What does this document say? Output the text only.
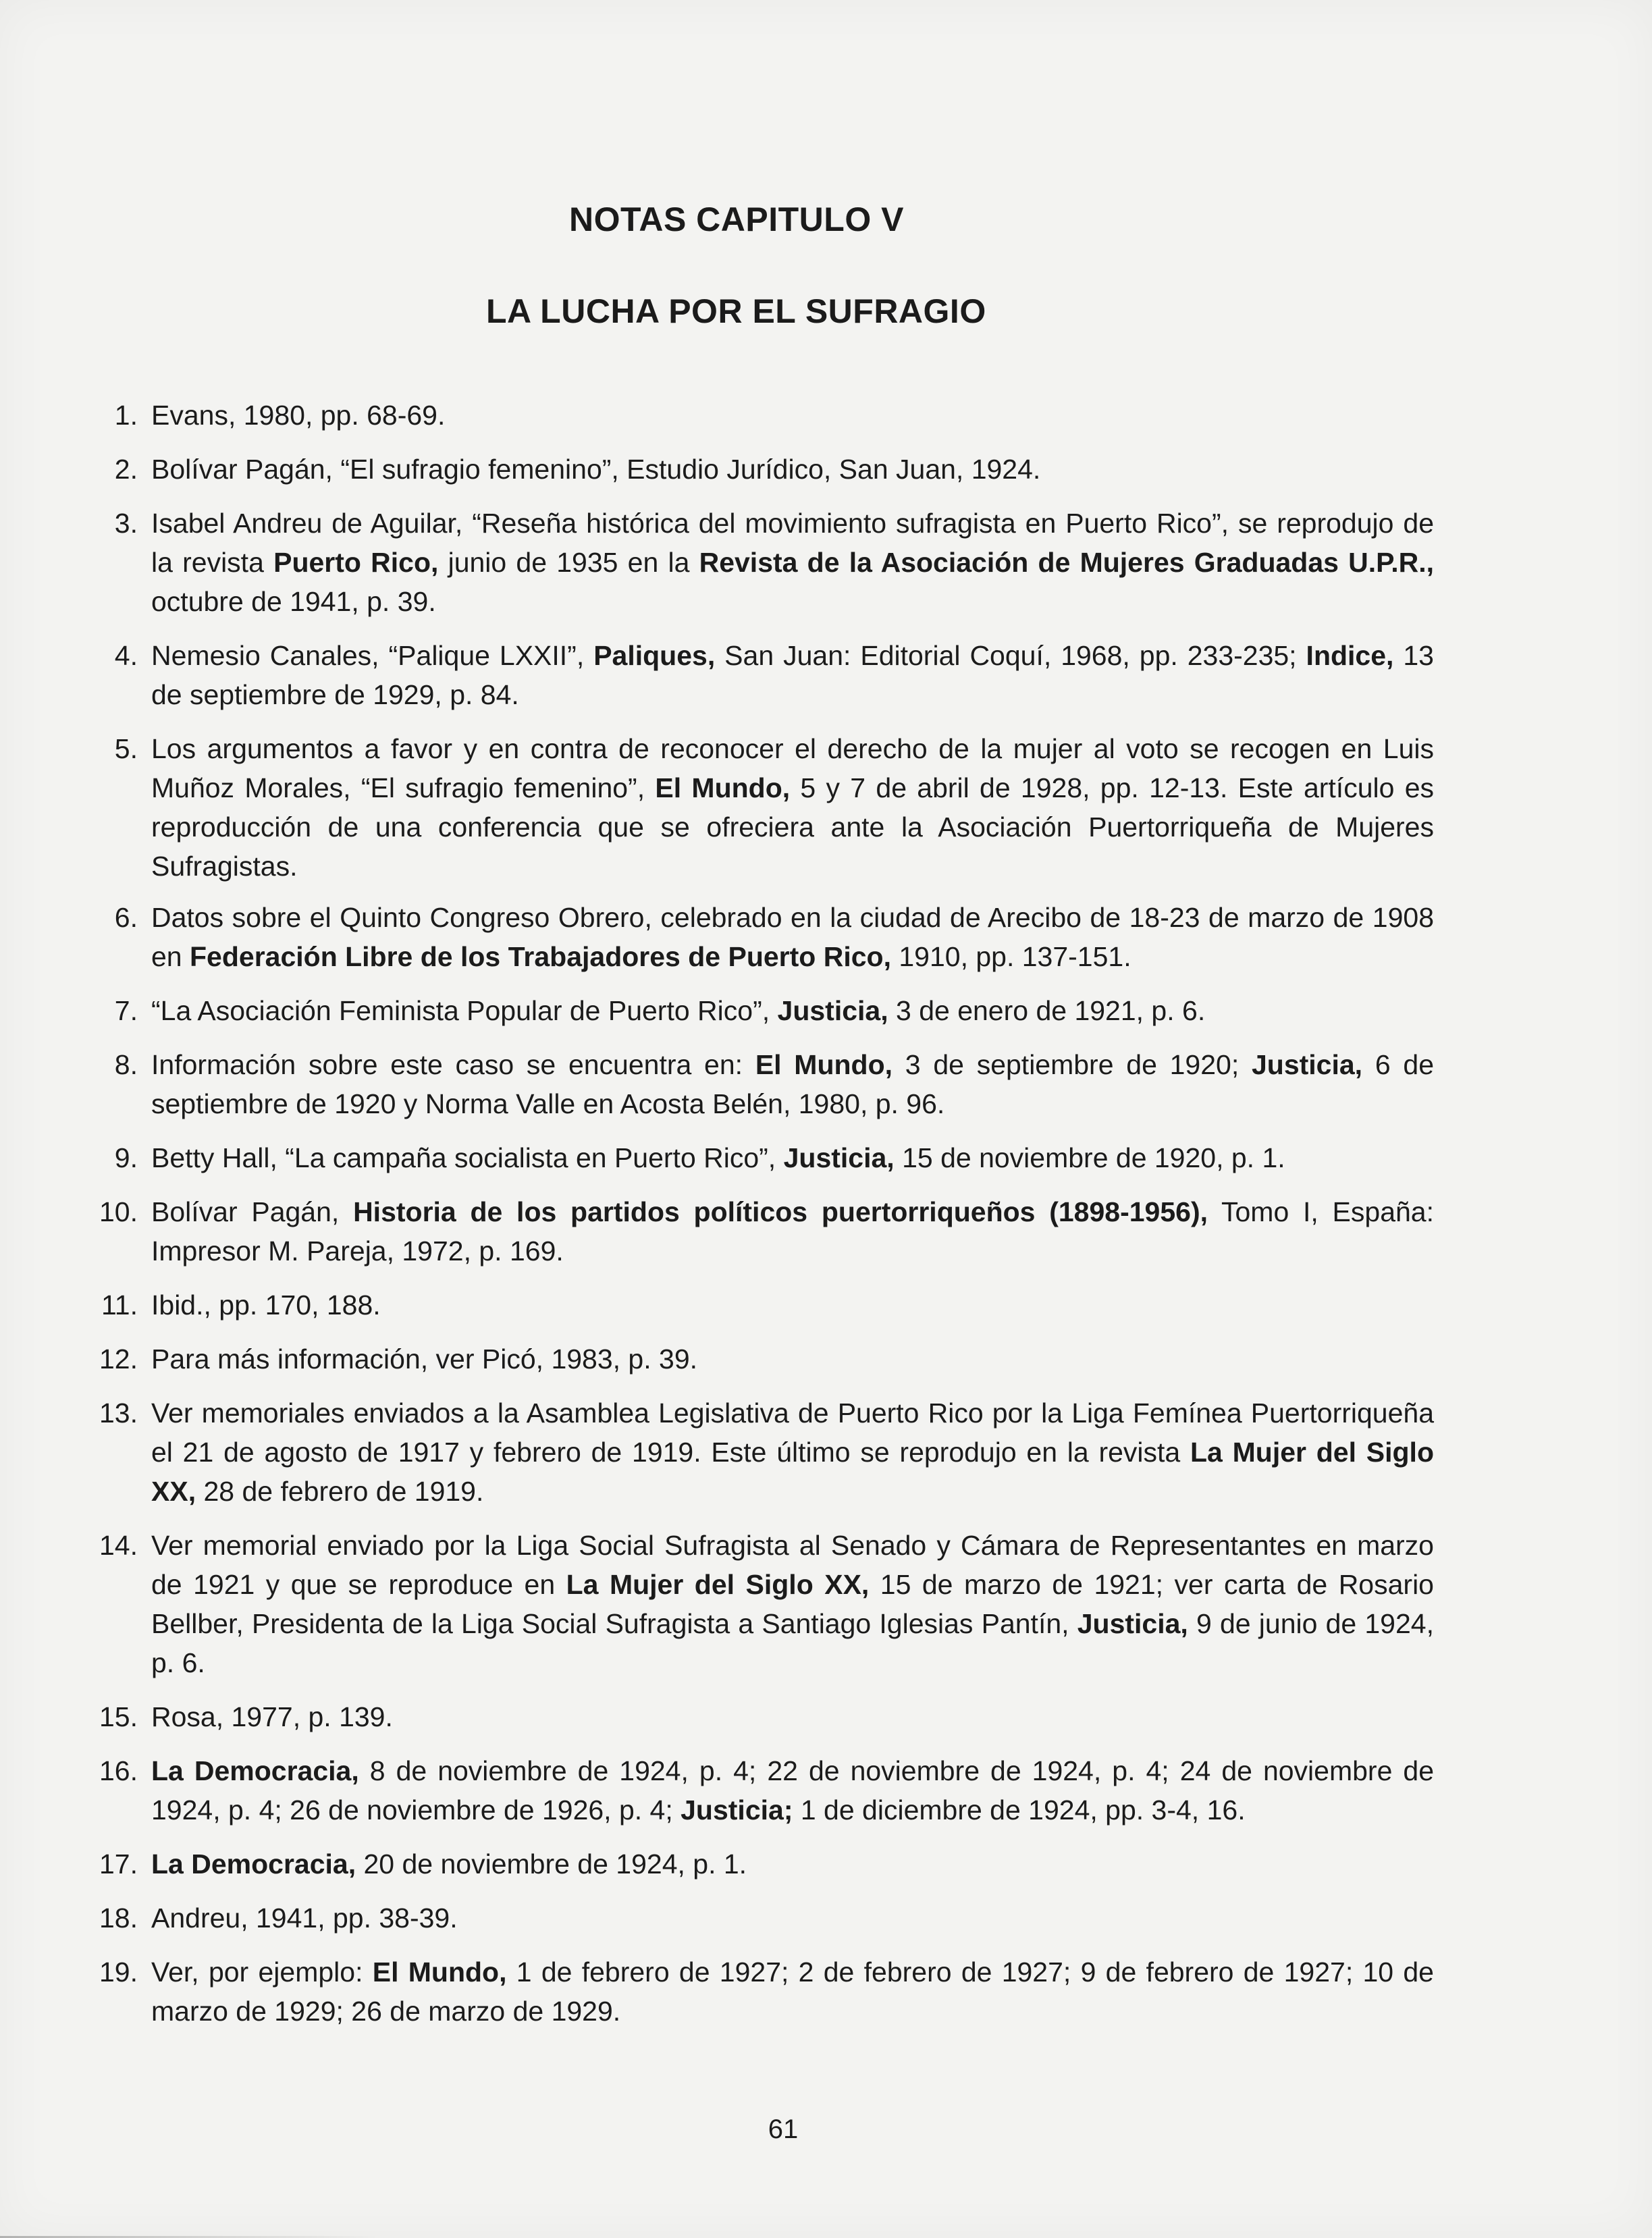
NOTAS CAPITULO V
LA LUCHA POR EL SUFRAGIO
1. Evans, 1980, pp. 68-69.
2. Bolívar Pagán, “El sufragio femenino”, Estudio Jurídico, San Juan, 1924.
3. Isabel Andreu de Aguilar, “Reseña histórica del movimiento sufragista en Puerto Rico”, se reprodujo de la revista Puerto Rico, junio de 1935 en la Revista de la Asociación de Mujeres Graduadas U.P.R., octubre de 1941, p. 39.
4. Nemesio Canales, “Palique LXXII”, Paliques, San Juan: Editorial Coquí, 1968, pp. 233-235; Indice, 13 de septiembre de 1929, p. 84.
5. Los argumentos a favor y en contra de reconocer el derecho de la mujer al voto se recogen en Luis Muñoz Morales, “El sufragio femenino”, El Mundo, 5 y 7 de abril de 1928, pp. 12-13. Este artículo es reproducción de una conferencia que se ofreciera ante la Asociación Puertorriqueña de Mujeres Sufragistas.
6. Datos sobre el Quinto Congreso Obrero, celebrado en la ciudad de Arecibo de 18-23 de marzo de 1908 en Federación Libre de los Trabajadores de Puerto Rico, 1910, pp. 137-151.
7. “La Asociación Feminista Popular de Puerto Rico”, Justicia, 3 de enero de 1921, p. 6.
8. Información sobre este caso se encuentra en: El Mundo, 3 de septiembre de 1920; Justicia, 6 de septiembre de 1920 y Norma Valle en Acosta Belén, 1980, p. 96.
9. Betty Hall, “La campaña socialista en Puerto Rico”, Justicia, 15 de noviembre de 1920, p. 1.
10. Bolívar Pagán, Historia de los partidos políticos puertorriqueños (1898-1956), Tomo I, España: Impresor M. Pareja, 1972, p. 169.
11. Ibid., pp. 170, 188.
12. Para más información, ver Picó, 1983, p. 39.
13. Ver memoriales enviados a la Asamblea Legislativa de Puerto Rico por la Liga Femínea Puertorriqueña el 21 de agosto de 1917 y febrero de 1919. Este último se reprodujo en la revista La Mujer del Siglo XX, 28 de febrero de 1919.
14. Ver memorial enviado por la Liga Social Sufragista al Senado y Cámara de Representantes en marzo de 1921 y que se reproduce en La Mujer del Siglo XX, 15 de marzo de 1921; ver carta de Rosario Bellber, Presidenta de la Liga Social Sufragista a Santiago Iglesias Pantín, Justicia, 9 de junio de 1924, p. 6.
15. Rosa, 1977, p. 139.
16. La Democracia, 8 de noviembre de 1924, p. 4; 22 de noviembre de 1924, p. 4; 24 de noviembre de 1924, p. 4; 26 de noviembre de 1926, p. 4; Justicia; 1 de diciembre de 1924, pp. 3-4, 16.
17. La Democracia, 20 de noviembre de 1924, p. 1.
18. Andreu, 1941, pp. 38-39.
19. Ver, por ejemplo: El Mundo, 1 de febrero de 1927; 2 de febrero de 1927; 9 de febrero de 1927; 10 de marzo de 1929; 26 de marzo de 1929.
61
